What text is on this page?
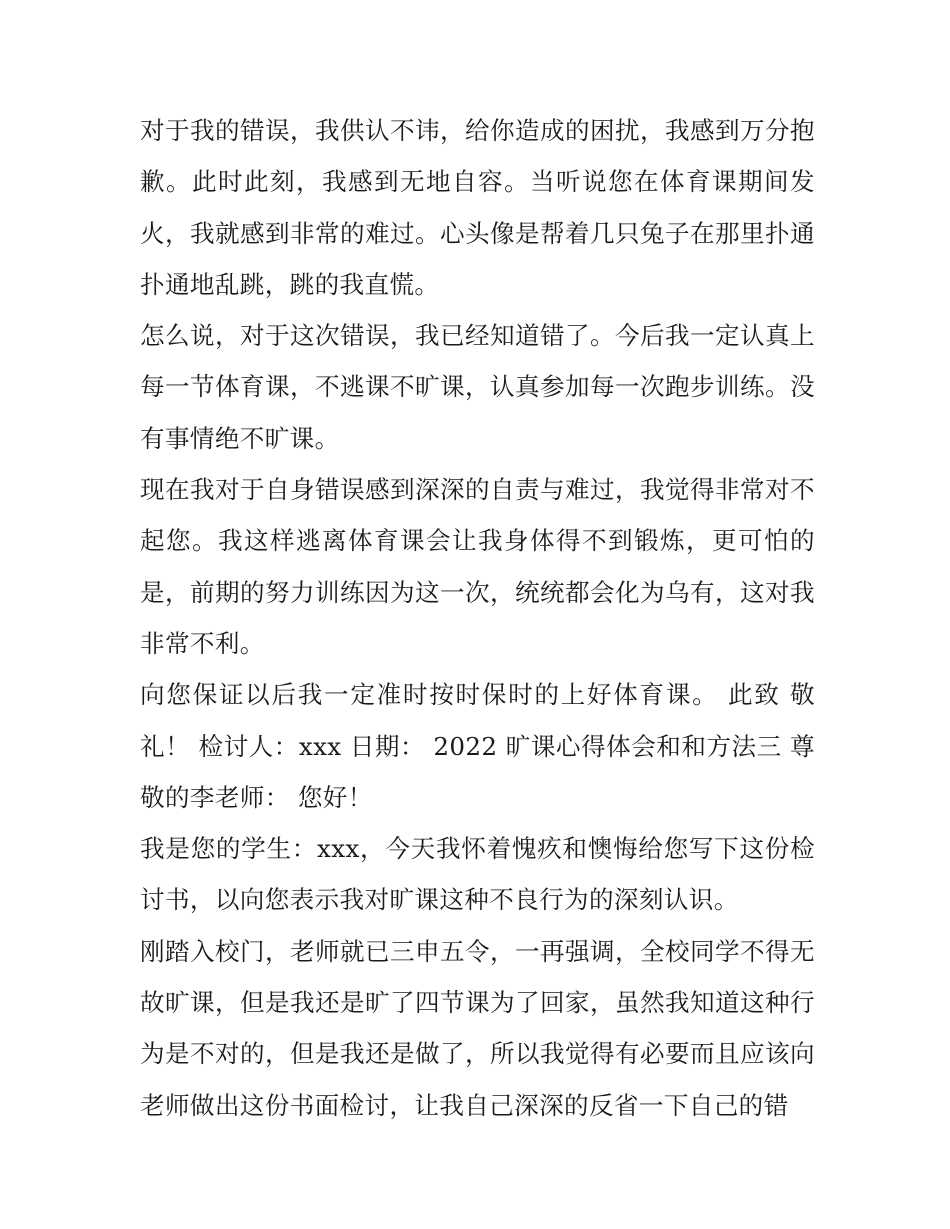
对于我的错误，我供认不讳，给你造成的困扰，我感到万分抱歉。此时此刻，我感到无地自容。当听说您在体育课期间发火，我就感到非常的难过。心头像是帮着几只兔子在那里扑通扑通地乱跳，跳的我直慌。

怎么说，对于这次错误，我已经知道错了。今后我一定认真上每一节体育课，不逃课不旷课，认真参加每一次跑步训练。没有事情绝不旷课。

现在我对于自身错误感到深深的自责与难过，我觉得非常对不起您。我这样逃离体育课会让我身体得不到锻炼，更可怕的是，前期的努力训练因为这一次，统统都会化为乌有，这对我非常不利。

向您保证以后我一定准时按时保时的上好体育课。 此致 敬礼！ 检讨人：xxx 日期： 2022 旷课心得体会和和方法三 尊敬的李老师： 您好！

我是您的学生：xxx，今天我怀着愧疚和懊悔给您写下这份检讨书，以向您表示我对旷课这种不良行为的深刻认识。

刚踏入校门，老师就已三申五令，一再强调，全校同学不得无故旷课，但是我还是旷了四节课为了回家，虽然我知道这种行为是不对的，但是我还是做了，所以我觉得有必要而且应该向老师做出这份书面检讨，让我自己深深的反省一下自己的错
